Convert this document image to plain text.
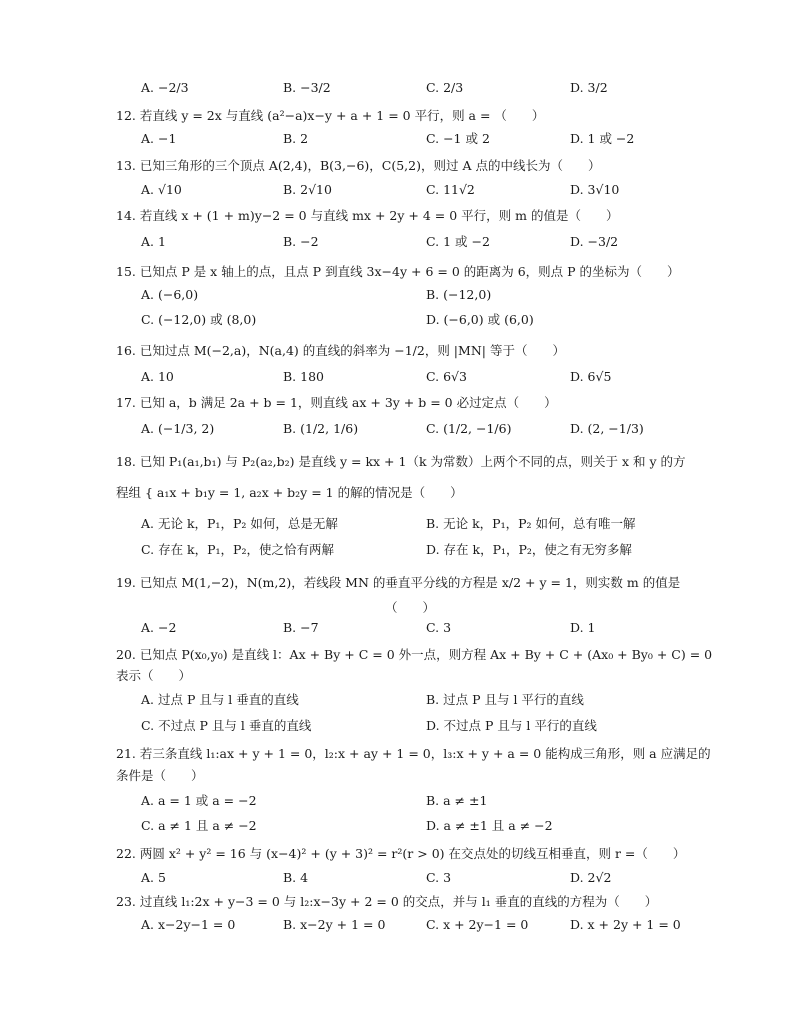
A. −2/3	B. −3/2	C. 2/3	D. 3/2
12. 若直线 y = 2x 与直线 (a²−a)x−y + a + 1 = 0 平行，则 a = （　　）
A. −1	B. 2	C. −1 或 2	D. 1 或 −2
13. 已知三角形的三个顶点 A(2,4)，B(3,−6)，C(5,2)，则过 A 点的中线长为（　　）
A. √10	B. 2√10	C. 11√2	D. 3√10
14. 若直线 x + (1 + m)y−2 = 0 与直线 mx + 2y + 4 = 0 平行，则 m 的值是（　　）
A. 1	B. −2	C. 1 或 −2	D. −3/2
15. 已知点 P 是 x 轴上的点，且点 P 到直线 3x−4y + 6 = 0 的距离为 6，则点 P 的坐标为（　　）
A. (−6,0)	B. (−12,0)
C. (−12,0) 或 (8,0)	D. (−6,0) 或 (6,0)
16. 已知过点 M(−2,a)，N(a,4) 的直线的斜率为 −1/2，则 |MN| 等于（　　）
A. 10	B. 180	C. 6√3	D. 6√5
17. 已知 a，b 满足 2a + b = 1，则直线 ax + 3y + b = 0 必过定点（　　）
A. (−1/3, 2)	B. (1/2, 1/6)	C. (1/2, −1/6)	D. (2, −1/3)
18. 已知 P₁(a₁,b₁) 与 P₂(a₂,b₂) 是直线 y = kx + 1（k 为常数）上两个不同的点，则关于 x 和 y 的方
程组 { a₁x + b₁y = 1, a₂x + b₂y = 1 的解的情况是（　　）
A. 无论 k，P₁，P₂ 如何，总是无解	B. 无论 k，P₁，P₂ 如何，总有唯一解
C. 存在 k，P₁，P₂，使之恰有两解	D. 存在 k，P₁，P₂，使之有无穷多解
19. 已知点 M(1,−2)，N(m,2)，若线段 MN 的垂直平分线的方程是 x/2 + y = 1，则实数 m 的值是
（　　）
A. −2	B. −7	C. 3	D. 1
20. 已知点 P(x₀,y₀) 是直线 l：Ax + By + C = 0 外一点，则方程 Ax + By + C + (Ax₀ + By₀ + C) = 0
表示（　　）
A. 过点 P 且与 l 垂直的直线	B. 过点 P 且与 l 平行的直线
C. 不过点 P 且与 l 垂直的直线	D. 不过点 P 且与 l 平行的直线
21. 若三条直线 l₁:ax + y + 1 = 0，l₂:x + ay + 1 = 0，l₃:x + y + a = 0 能构成三角形，则 a 应满足的
条件是（　　）
A. a = 1 或 a = −2	B. a ≠ ±1
C. a ≠ 1 且 a ≠ −2	D. a ≠ ±1 且 a ≠ −2
22. 两圆 x² + y² = 16 与 (x−4)² + (y + 3)² = r²(r > 0) 在交点处的切线互相垂直，则 r =（　　）
A. 5	B. 4	C. 3	D. 2√2
23. 过直线 l₁:2x + y−3 = 0 与 l₂:x−3y + 2 = 0 的交点，并与 l₁ 垂直的直线的方程为（　　）
A. x−2y−1 = 0	B. x−2y + 1 = 0	C. x + 2y−1 = 0	D. x + 2y + 1 = 0
